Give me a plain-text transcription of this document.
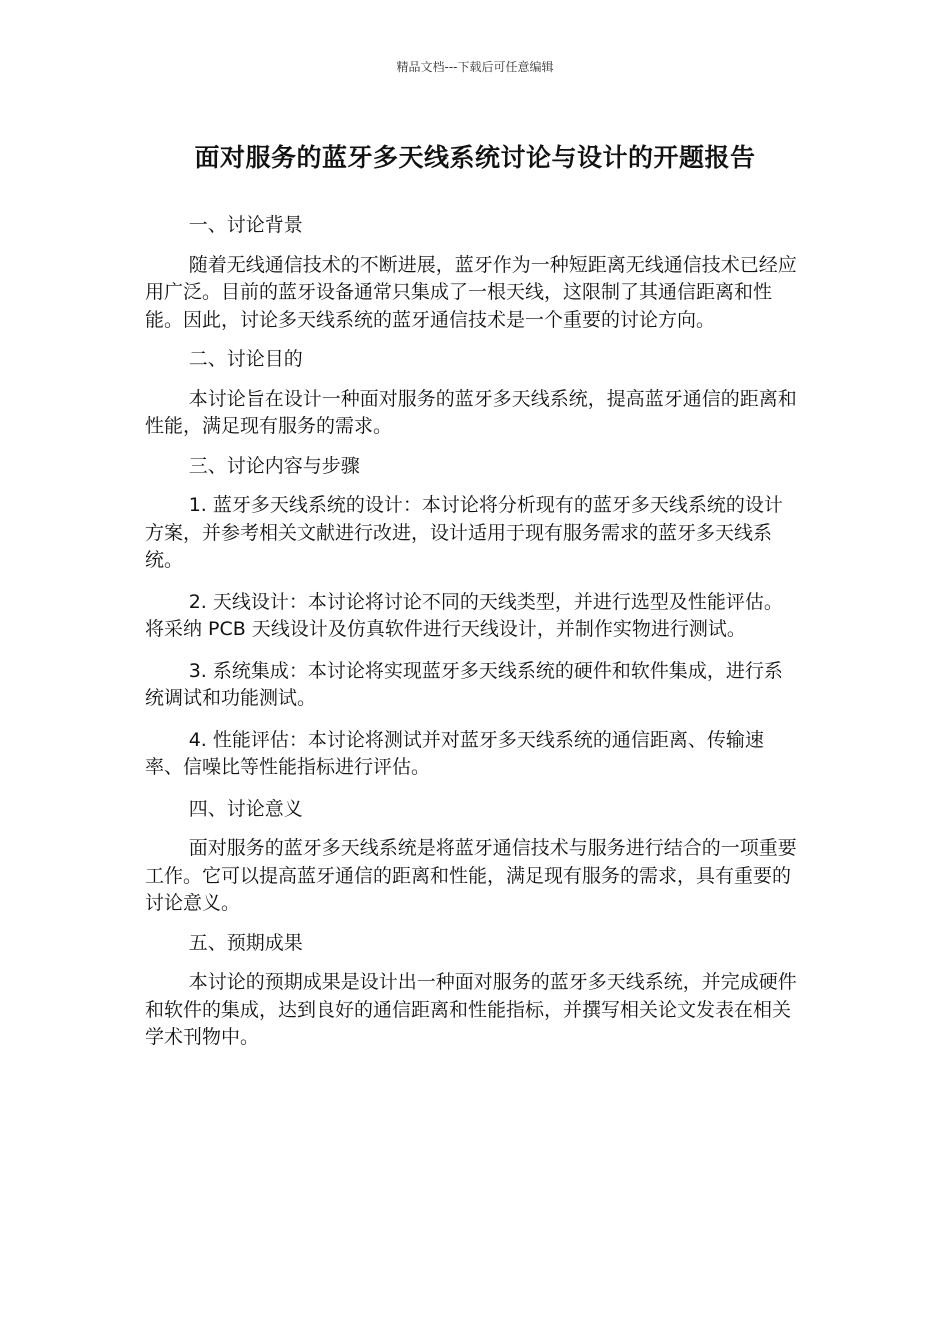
精品文档---下载后可任意编辑
面对服务的蓝牙多天线系统讨论与设计的开题报告

一、讨论背景

随着无线通信技术的不断进展，蓝牙作为一种短距离无线通信技术已经应用广泛。目前的蓝牙设备通常只集成了一根天线，这限制了其通信距离和性能。因此，讨论多天线系统的蓝牙通信技术是一个重要的讨论方向。

二、讨论目的

本讨论旨在设计一种面对服务的蓝牙多天线系统，提高蓝牙通信的距离和性能，满足现有服务的需求。

三、讨论内容与步骤

1. 蓝牙多天线系统的设计：本讨论将分析现有的蓝牙多天线系统的设计方案，并参考相关文献进行改进，设计适用于现有服务需求的蓝牙多天线系统。

2. 天线设计：本讨论将讨论不同的天线类型，并进行选型及性能评估。将采纳 PCB 天线设计及仿真软件进行天线设计，并制作实物进行测试。

3. 系统集成：本讨论将实现蓝牙多天线系统的硬件和软件集成，进行系统调试和功能测试。

4. 性能评估：本讨论将测试并对蓝牙多天线系统的通信距离、传输速率、信噪比等性能指标进行评估。

四、讨论意义

面对服务的蓝牙多天线系统是将蓝牙通信技术与服务进行结合的一项重要工作。它可以提高蓝牙通信的距离和性能，满足现有服务的需求，具有重要的讨论意义。

五、预期成果

本讨论的预期成果是设计出一种面对服务的蓝牙多天线系统，并完成硬件和软件的集成，达到良好的通信距离和性能指标，并撰写相关论文发表在相关学术刊物中。
